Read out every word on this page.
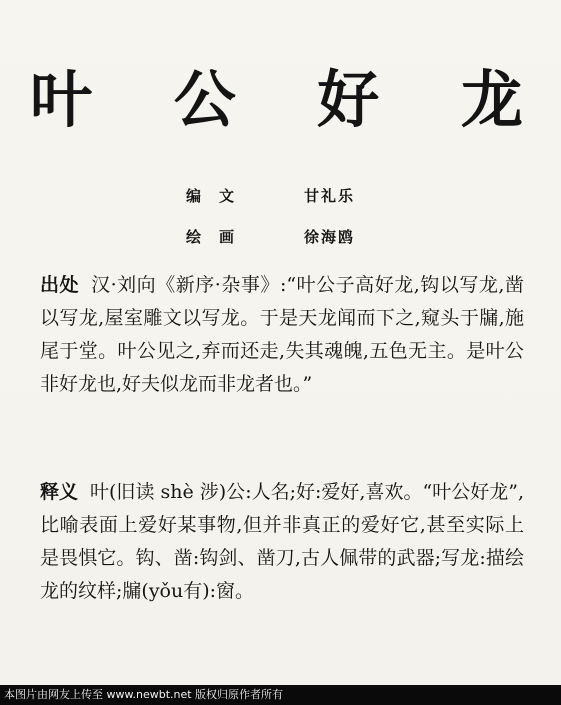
叶 公 好 龙
编文	甘礼乐
绘画	徐海鸥
出处 汉·刘向《新序·杂事》:“叶公子高好龙,钩以写龙,凿以写龙,屋室雕文以写龙。于是天龙闻而下之,窥头于牖,施尾于堂。叶公见之,弃而还走,失其魂魄,五色无主。是叶公非好龙也,好夫似龙而非龙者也。”
释义 叶(旧读 shè 涉)公:人名;好:爱好,喜欢。“叶公好龙”,比喻表面上爱好某事物,但并非真正的爱好它,甚至实际上是畏惧它。钩、凿:钩剑、凿刀,古人佩带的武器;写龙:描绘龙的纹样;牖(yǒu有):窗。
本图片由网友上传至 www.newbt.net 版权归原作者所有
